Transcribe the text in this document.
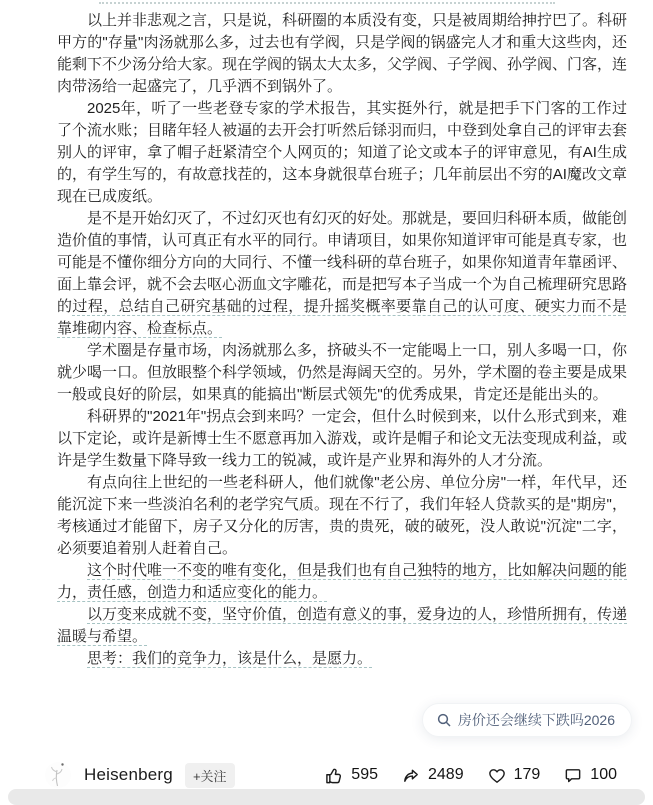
以上并非悲观之言，只是说，科研圈的本质没有变，只是被周期给抻拧巴了。科研甲方的"存量"肉汤就那么多，过去也有学阀，只是学阀的锅盛完人才和重大这些肉，还能剩下不少汤分给大家。现在学阀的锅太大太多，父学阀、子学阀、孙学阀、门客，连肉带汤给一起盛完了，几乎洒不到锅外了。

2025年，听了一些老登专家的学术报告，其实挺外行，就是把手下门客的工作过了个流水账；目睹年轻人被逼的去开会打听然后铩羽而归，中登到处拿自己的评审去套别人的评审，拿了帽子赶紧清空个人网页的；知道了论文或本子的评审意见，有AI生成的，有学生写的，有故意找茬的，这本身就很草台班子；几年前层出不穷的AI魔改文章现在已成废纸。

是不是开始幻灭了，不过幻灭也有幻灭的好处。那就是，要回归科研本质，做能创造价值的事情，认可真正有水平的同行。申请项目，如果你知道评审可能是真专家，也可能是不懂你细分方向的大同行、不懂一线科研的草台班子，如果你知道青年靠函评、面上靠会评，就不会去呕心沥血文字雕花，而是把写本子当成一个为自己梳理研究思路的过程，总结自己研究基础的过程，提升摇奖概率要靠自己的认可度、硬实力而不是靠堆砌内容、检查标点。

学术圈是存量市场，肉汤就那么多，挤破头不一定能喝上一口，别人多喝一口，你就少喝一口。但放眼整个科学领域，仍然是海阔天空的。另外，学术圈的卷主要是成果一般或良好的阶层，如果真的能搞出"断层式领先"的优秀成果，肯定还是能出头的。

科研界的"2021年"拐点会到来吗？一定会，但什么时候到来，以什么形式到来，难以下定论，或许是新博士生不愿意再加入游戏，或许是帽子和论文无法变现成利益，或许是学生数量下降导致一线力工的锐减，或许是产业界和海外的人才分流。

有点向往上世纪的一些老科研人，他们就像"老公房、单位分房"一样，年代早，还能沉淀下来一些淡泊名利的老学究气质。现在不行了，我们年轻人贷款买的是"期房"，考核通过才能留下，房子又分化的厉害，贵的贵死，破的破死，没人敢说"沉淀"二字，必须要追着别人赶着自己。

这个时代唯一不变的唯有变化，但是我们也有自己独特的地方，比如解决问题的能力，责任感，创造力和适应变化的能力。

以万变来成就不变，坚守价值，创造有意义的事，爱身边的人，珍惜所拥有，传递温暖与希望。

思考：我们的竞争力，该是什么，是愿力。

房价还会继续下跌吗2026
Heisenberg	+关注	595	2489	179	100
